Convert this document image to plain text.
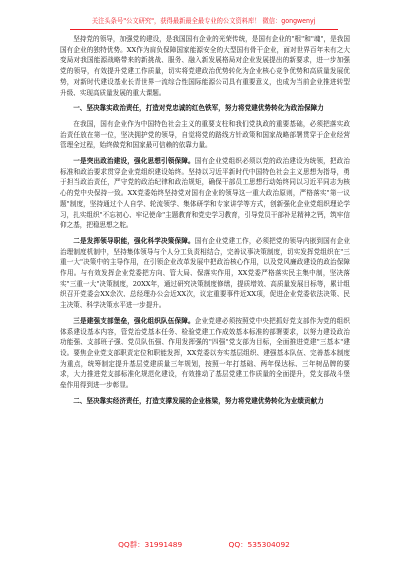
关注头条号"公文研究"，获得最新最全最专业的公文资料库！ 微信：gongwenyj

坚持党的领导，加强党的建设，是我国国有企业的光荣传统，是国有企业的"根"和"魂"，是我国国有企业的独特优势。XX作为肩负保障国家能源安全的大型国有骨干企业，面对世界百年未有之大变局对我国能源战略带来的新挑战、服务、融入新发展格局对企业发展提出的新要求，进一步加强党的领导，有效提升党建工作质量，切实将党建政治优势转化为企业核心竞争优势和高质量发展优势，对新时代建设基业长青世界一流综合性国际能源公司具有重要意义，也成为当前企业推进转型升级、实现高质量发展的重大课题。

一、坚决靠实政治责任，打造对党忠诚的红色铁军，努力将党建优势转化为政治保障力

在我国，国有企业作为中国特色社会主义的重要支柱和我们党执政的重要基础，必须把落实政治责任放在第一位，坚决拥护党的领导，自觉将党的路线方针政策和国家战略部署贯穿于企业经营管理全过程，始终做党和国家最可信赖的依靠力量。

一是突出政治建设，强化思想引领保障。国有企业党组织必须以党的政治建设为统领，把政治标准和政治要求贯穿企业党组织建设始终。坚持以习近平新时代中国特色社会主义思想为指导，勇于担当政治责任，严守党的政治纪律和政治规矩，确保干部员工思想行动始终同以习近平同志为核心的党中央保持一致。XX党委始终坚持党对国有企业的领导这一重大政治原则，严格落实"第一议题"制度，坚持通过个人自学、轮流领学、集体研学和专家讲学等方式，创新强化企业党组织理论学习，扎实组织"不忘初心、牢记使命"主题教育和党史学习教育，引导党员干部补足精神之钙，筑牢信仰之基，把稳思想之舵。

二是发挥领导职能，强化科学决策保障。国有企业党建工作，必须把党的领导内嵌到国有企业治理制度机制中，坚持集体领导与个人分工负责相结合，完善议事决策制度，切实发挥党组织在"三重一大"决策中的主导作用，在引领企业改革发展中把政治核心作用，以及党风廉政建设的政治保障作用。与有效发挥企业党委把方向、管大局、保落实作用，XX党委严格落实民主集中制，坚决落实"三重一大"决策制度，20XX年，通过研究决策制度修缮，提质增效、高质量发展目标等，累计组织召开党委会XX余次、总经理办公会近XX次，议定重要事件近XX项，促进企业党委依法决策、民主决策、科学决策水平进一步提升。

三是建强支部堡垒，强化组织队伍保障。企业党建必须按照党中央把抓好党支部作为党的组织体系建设基本内容，管党治党基本任务、检验党建工作成效基本标准的部署要求，以努力建设政治功能强、支部班子强、党员队伍强、作用发挥强的"四强"党支部为目标，全面推进党建"三基本"建设。要焦企业党支部职责定位和职能发挥，XX党委以夯实基层组织、建强基本队伍、完善基本制度为重点，统筹制定提升基层党建质量三年规划，按照一年打基础、两年保达标、三年树品牌的要求，大力推进党支部标准化规范化建设，有效推动了基层党建工作质量的全面提升，党支部战斗堡垒作用得到进一步彰显。

二、坚决靠实经济责任，打造支撑发展的企业栋梁，努力将党建优势转化为业绩贡献力

QQ群：31991489	QQ：535304092
